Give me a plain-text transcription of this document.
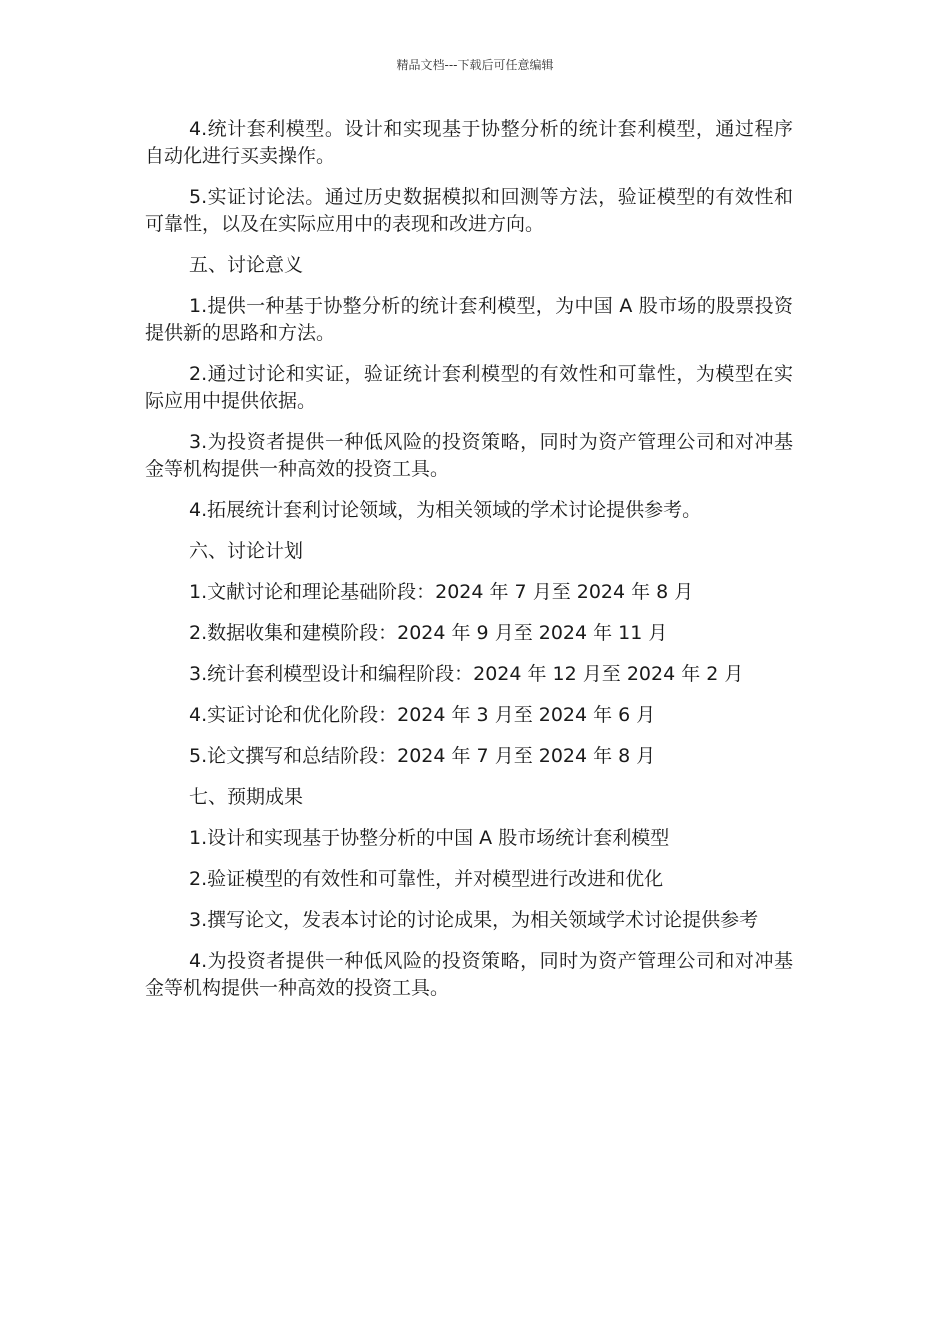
精品文档---下载后可任意编辑

4.统计套利模型。设计和实现基于协整分析的统计套利模型，通过程序自动化进行买卖操作。

5.实证讨论法。通过历史数据模拟和回测等方法，验证模型的有效性和可靠性，以及在实际应用中的表现和改进方向。

五、讨论意义

1.提供一种基于协整分析的统计套利模型，为中国 A 股市场的股票投资提供新的思路和方法。

2.通过讨论和实证，验证统计套利模型的有效性和可靠性，为模型在实际应用中提供依据。

3.为投资者提供一种低风险的投资策略，同时为资产管理公司和对冲基金等机构提供一种高效的投资工具。

4.拓展统计套利讨论领域，为相关领域的学术讨论提供参考。

六、讨论计划

1.文献讨论和理论基础阶段：2024 年 7 月至 2024 年 8 月

2.数据收集和建模阶段：2024 年 9 月至 2024 年 11 月

3.统计套利模型设计和编程阶段：2024 年 12 月至 2024 年 2 月

4.实证讨论和优化阶段：2024 年 3 月至 2024 年 6 月

5.论文撰写和总结阶段：2024 年 7 月至 2024 年 8 月

七、预期成果

1.设计和实现基于协整分析的中国 A 股市场统计套利模型

2.验证模型的有效性和可靠性，并对模型进行改进和优化

3.撰写论文，发表本讨论的讨论成果，为相关领域学术讨论提供参考

4.为投资者提供一种低风险的投资策略，同时为资产管理公司和对冲基金等机构提供一种高效的投资工具。
